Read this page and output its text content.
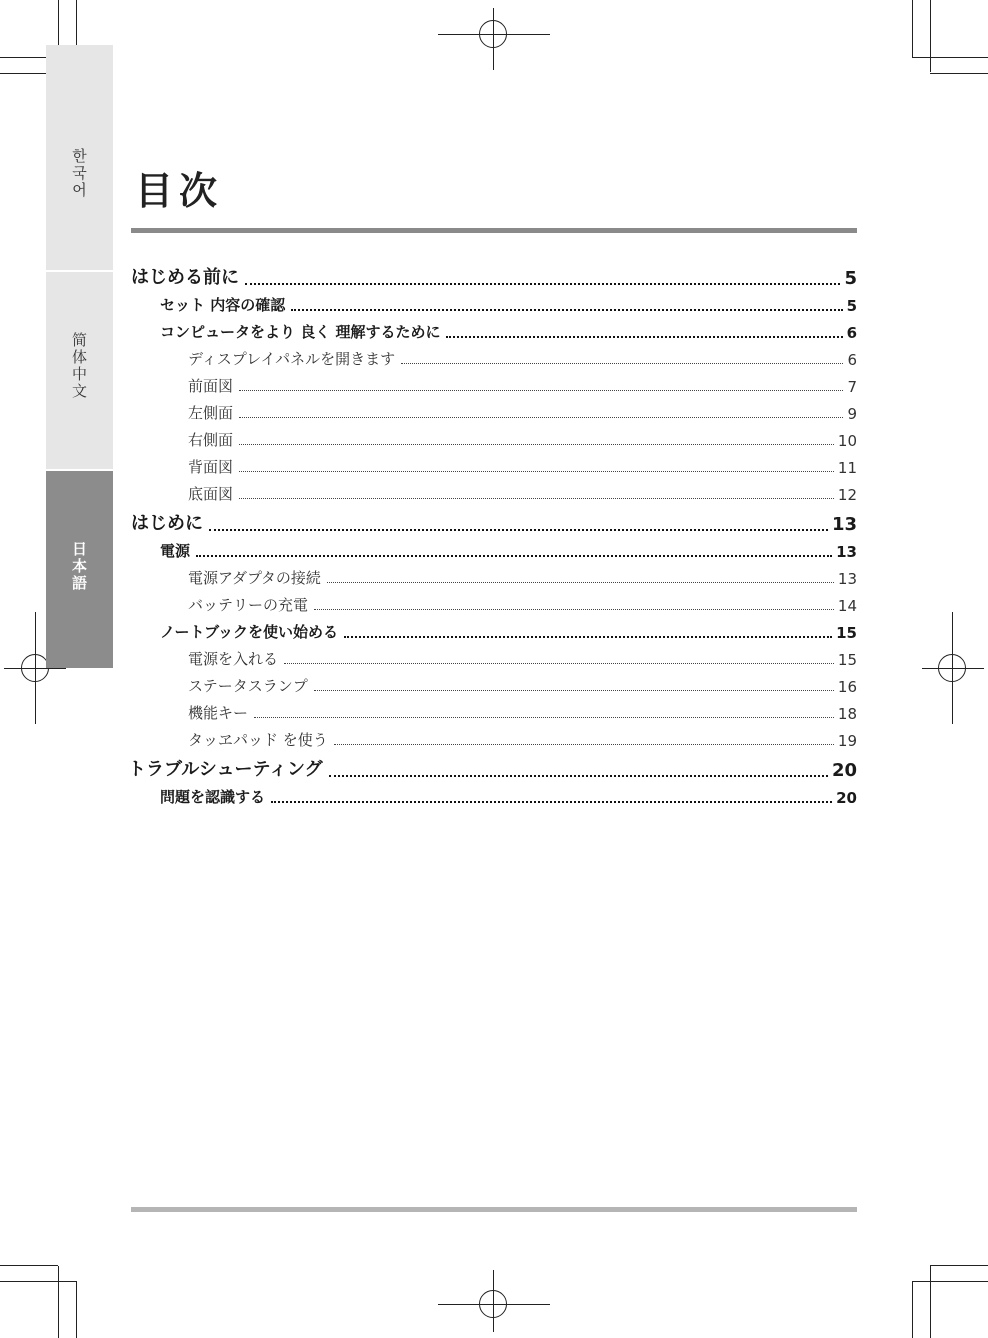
한국어
简体中文
日本語
目次
はじめる前に	5
セット 内容の確認	5
コンピュータをより 良く 理解するために	6
ディスプレイパネルを開きます	6
前面図	7
左側面	9
右側面	10
背面図	11
底面図	12
はじめに	13
電源	13
電源アダプタの接続	13
バッテリーの充電	14
ノートブックを使い始める	15
電源を入れる	15
ステータスランプ	16
機能キー	18
タッヱパッド を使う	19
トラブルシューティング	20
問題を認識する	20
